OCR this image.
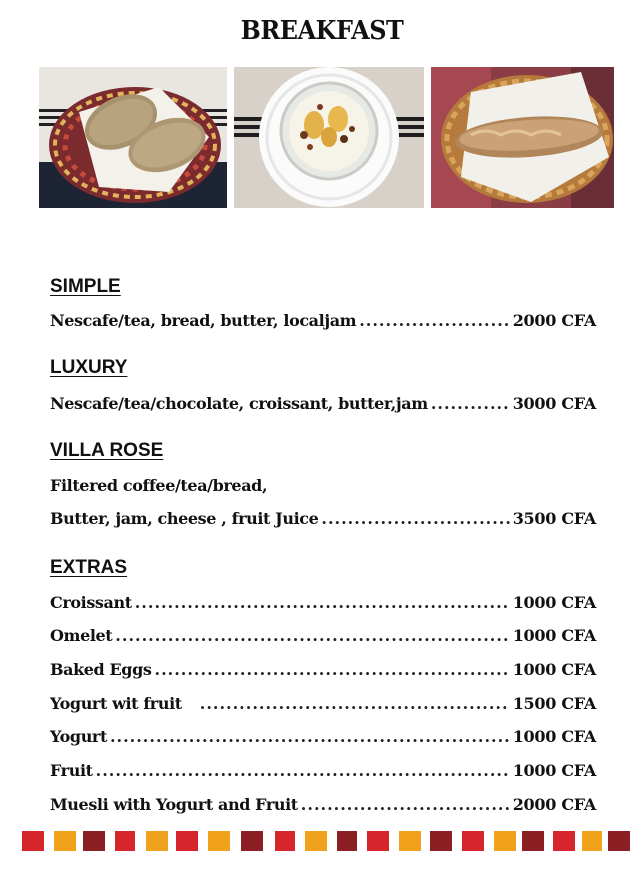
BREAKFAST
SIMPLE
Nescafe/tea, bread, butter, localjam .....	2000 CFA
LUXURY
Nescafe/tea/chocolate, croissant, butter,jam .....	3000 CFA
VILLA ROSE
Filtered coffee/tea/bread,
Butter, jam, cheese , fruit Juice .....	3500 CFA
EXTRAS
Croissant .....	1000 CFA
Omelet .....	1000 CFA
Baked Eggs .....	1000 CFA
Yogurt wit fruit .....	1500 CFA
Yogurt .....	1000 CFA
Fruit .....	1000 CFA
Muesli with Yogurt and Fruit .....	2000 CFA
